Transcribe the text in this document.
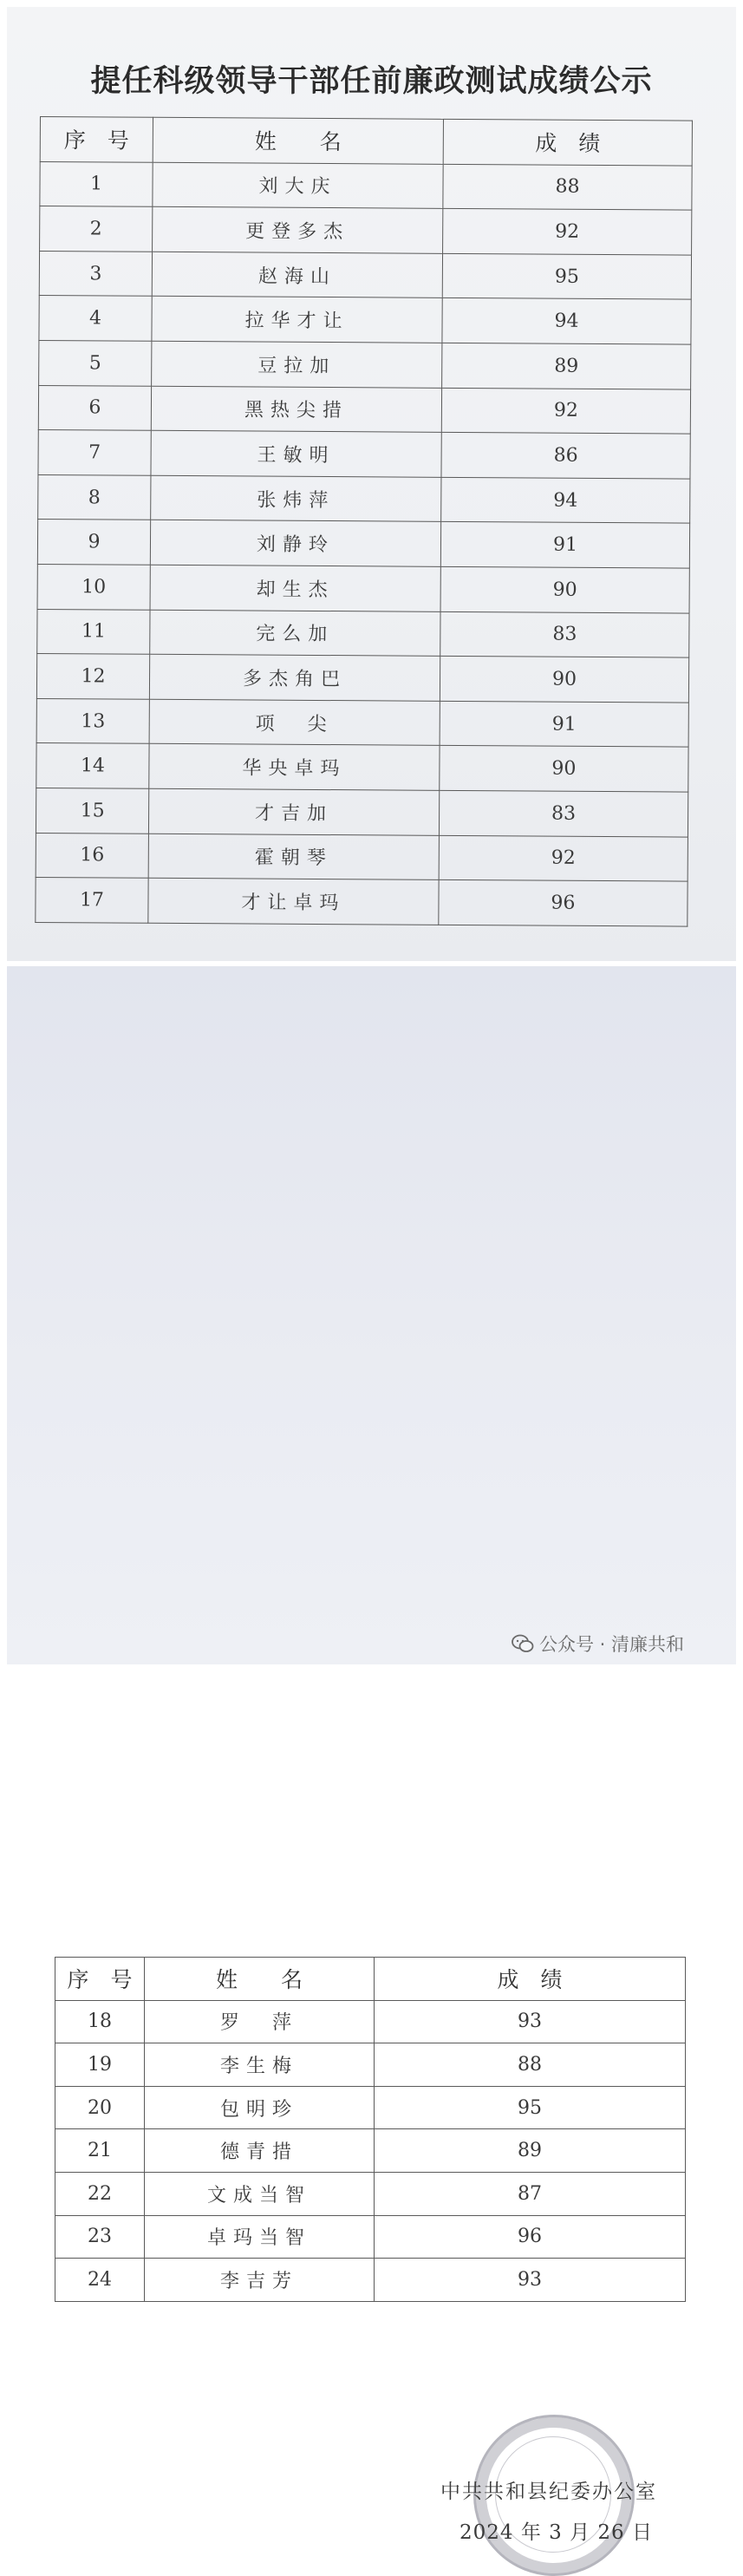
提任科级领导干部任前廉政测试成绩公示
序　号	姓　　名	成　绩
1	刘大庆	88
2	更登多杰	92
3	赵海山	95
4	拉华才让	94
5	豆拉加	89
6	黑热尖措	92
7	王敏明	86
8	张炜萍	94
9	刘静玲	91
10	却生杰	90
11	完么加	83
12	多杰角巴	90
13	项　尖	91
14	华央卓玛	90
15	才吉加	83
16	霍朝琴	92
17	才让卓玛	96
序　号	姓　　名	成　绩
18	罗　萍	93
19	李生梅	88
20	包明珍	95
21	德青措	89
22	文成当智	87
23	卓玛当智	96
24	李吉芳	93
中共共和县纪委办公室
2024 年 3 月 26 日
公众号 · 清廉共和
